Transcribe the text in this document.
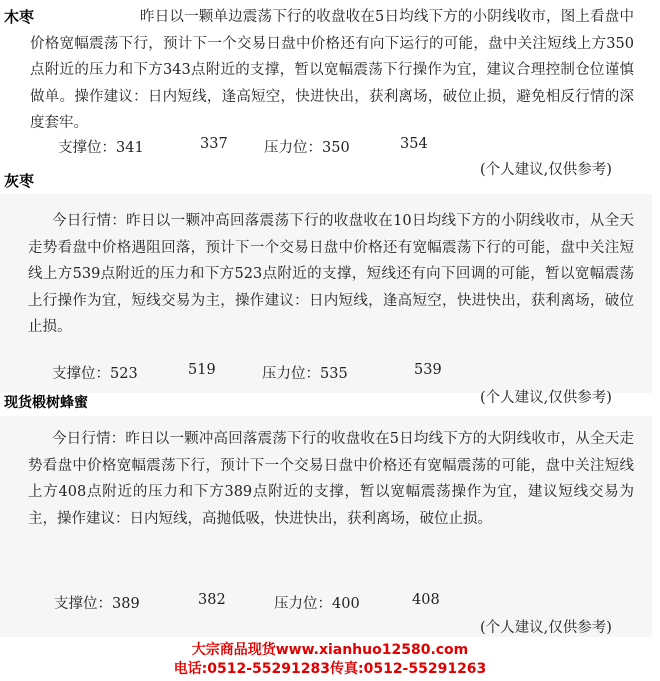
木枣	昨日以一颗单边震荡下行的收盘收在5日均线下方的小阴线收市，图上看盘中价格宽幅震荡下行，预计下一个交易日盘中价格还有向下运行的可能，盘中关注短线上方350点附近的压力和下方343点附近的支撑，暂以宽幅震荡下行操作为宜，建议合理控制仓位谨慎做单。操作建议：日内短线，逢高短空，快进快出，获利离场，破位止损，避免相反行情的深度套牢。

支撑位：341	337	压力位：350	354
(个人建议,仅供参考)
灰枣

今日行情：昨日以一颗冲高回落震荡下行的收盘收在10日均线下方的小阴线收市，从全天走势看盘中价格遇阻回落，预计下一个交易日盘中价格还有宽幅震荡下行的可能，盘中关注短线上方539点附近的压力和下方523点附近的支撑，短线还有向下回调的可能，暂以宽幅震荡上行操作为宜，短线交易为主，操作建议：日内短线，逢高短空，快进快出，获利离场，破位止损。

支撑位：523	519	压力位：535	539
(个人建议,仅供参考)
现货椴树蜂蜜

今日行情：昨日以一颗冲高回落震荡下行的收盘收在5日均线下方的大阴线收市，从全天走势看盘中价格宽幅震荡下行，预计下一个交易日盘中价格还有宽幅震荡的可能，盘中关注短线上方408点附近的压力和下方389点附近的支撑，暂以宽幅震荡操作为宜，建议短线交易为主，操作建议：日内短线，高抛低吸，快进快出，获利离场，破位止损。

支撑位：389	382	压力位：400	408
(个人建议,仅供参考)
大宗商品现货www.xianhuo12580.com
电话:0512-55291283传真:0512-55291263
